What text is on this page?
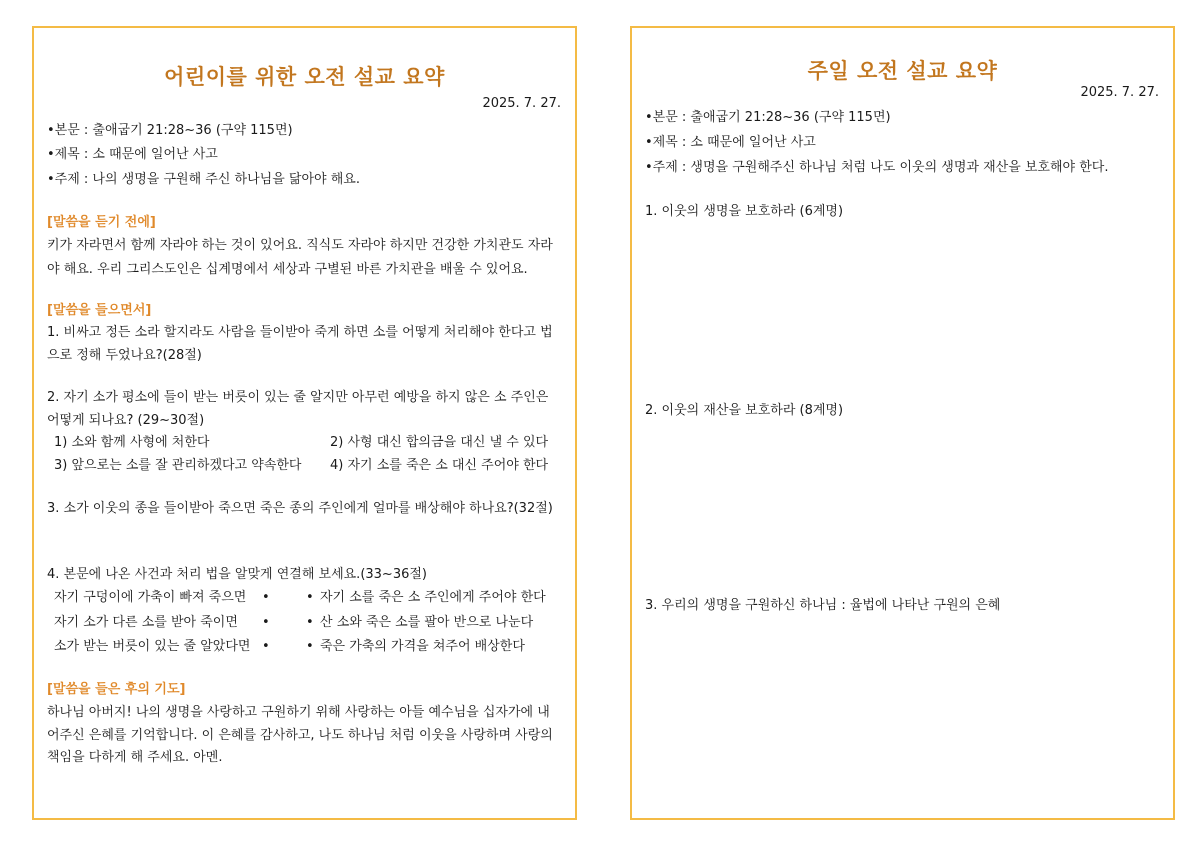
어린이를 위한 오전 설교 요약
2025. 7. 27.
•본문 : 출애굽기 21:28~36 (구약 115면)
•제목 : 소 때문에 일어난 사고
•주제 : 나의 생명을 구원해 주신 하나님을 닮아야 해요.
[말씀을 듣기 전에]
키가 자라면서 함께 자라야 하는 것이 있어요. 직식도 자라야 하지만 건강한 가치관도 자라
야 해요. 우리 그리스도인은 십계명에서 세상과 구별된 바른 가치관을 배울 수 있어요.
[말씀을 들으면서]
1. 비싸고 정든 소라 할지라도 사람을 들이받아 죽게 하면 소를 어떻게 처리해야 한다고 법
으로 정해 두었나요?(28절)
2. 자기 소가 평소에 들이 받는 버릇이 있는 줄 알지만 아무런 예방을 하지 않은 소 주인은
어떻게 되나요? (29~30절)
1) 소와 함께 사형에 처한다	2) 사형 대신 합의금을 대신 낼 수 있다
3) 앞으로는 소를 잘 관리하겠다고 약속한다 4) 자기 소를 죽은 소 대신 주어야 한다
3. 소가 이웃의 종을 들이받아 죽으면 죽은 종의 주인에게 얼마를 배상해야 하나요?(32절)
4. 본문에 나온 사건과 처리 법을 알맞게 연결해 보세요.(33~36절)
자기 구덩이에 가축이 빠져 죽으면 •	• 자기 소를 죽은 소 주인에게 주어야 한다
자기 소가 다른 소를 받아 죽이면 •	• 산 소와 죽은 소를 팔아 반으로 나눈다
소가 받는 버릇이 있는 줄 알았다면 •	• 죽은 가축의 가격을 쳐주어 배상한다
[말씀을 들은 후의 기도]
하나님 아버지! 나의 생명을 사랑하고 구원하기 위해 사랑하는 아들 예수님을 십자가에 내
어주신 은혜를 기억합니다. 이 은혜를 감사하고, 나도 하나님 처럼 이웃을 사랑하며 사랑의
책임을 다하게 해 주세요. 아멘.
주일 오전 설교 요약
2025. 7. 27.
•본문 : 출애굽기 21:28~36 (구약 115면)
•제목 : 소 때문에 일어난 사고
•주제 : 생명을 구원해주신 하나님 처럼 나도 이웃의 생명과 재산을 보호해야 한다.
1. 이웃의 생명을 보호하라 (6계명)
2. 이웃의 재산을 보호하라 (8계명)
3. 우리의 생명을 구원하신 하나님 : 율법에 나타난 구원의 은혜
